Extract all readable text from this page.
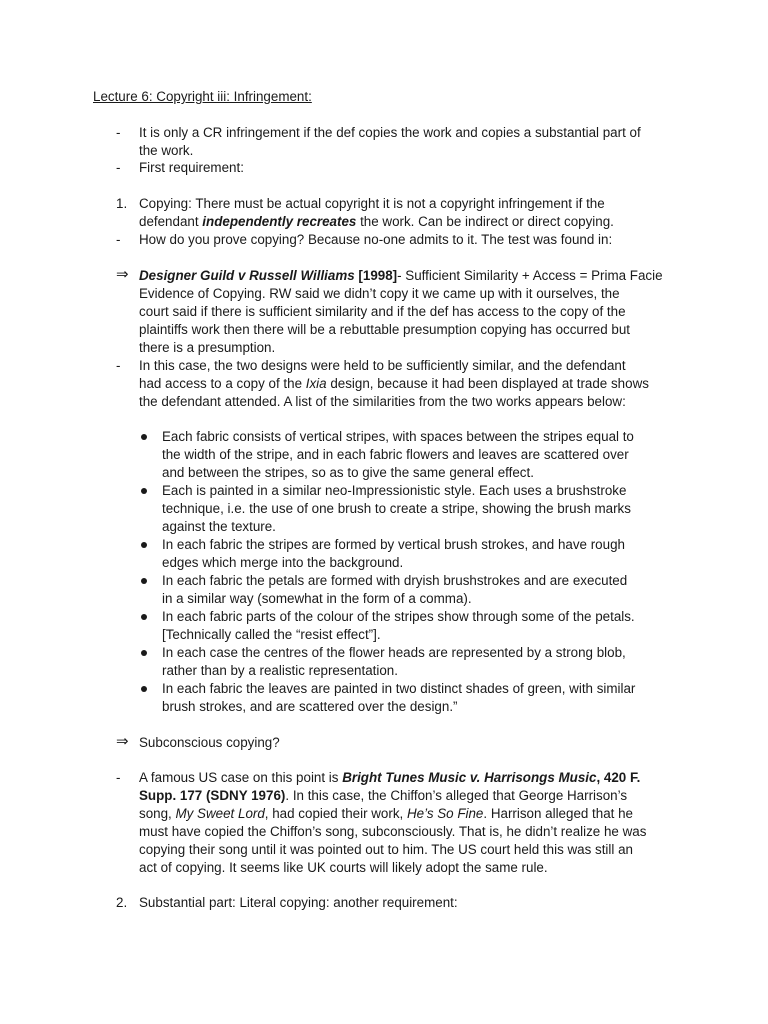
Lecture 6: Copyright iii: Infringement:
- It is only a CR infringement if the def copies the work and copies a substantial part of
the work.
- First requirement:
1. Copying: There must be actual copyright it is not a copyright infringement if the
defendant independently recreates the work. Can be indirect or direct copying.
- How do you prove copying? Because no-one admits to it. The test was found in:
⇒ Designer Guild v Russell Williams [1998]- Sufficient Similarity + Access = Prima Facie
Evidence of Copying. RW said we didn’t copy it we came up with it ourselves, the
court said if there is sufficient similarity and if the def has access to the copy of the
plaintiffs work then there will be a rebuttable presumption copying has occurred but
there is a presumption.
- In this case, the two designs were held to be sufficiently similar, and the defendant
had access to a copy of the Ixia design, because it had been displayed at trade shows
the defendant attended. A list of the similarities from the two works appears below:
Each fabric consists of vertical stripes, with spaces between the stripes equal to
the width of the stripe, and in each fabric flowers and leaves are scattered over
and between the stripes, so as to give the same general effect.
Each is painted in a similar neo-Impressionistic style. Each uses a brushstroke
technique, i.e. the use of one brush to create a stripe, showing the brush marks
against the texture.
In each fabric the stripes are formed by vertical brush strokes, and have rough
edges which merge into the background.
In each fabric the petals are formed with dryish brushstrokes and are executed
in a similar way (somewhat in the form of a comma).
In each fabric parts of the colour of the stripes show through some of the petals.
[Technically called the “resist effect”].
In each case the centres of the flower heads are represented by a strong blob,
rather than by a realistic representation.
In each fabric the leaves are painted in two distinct shades of green, with similar
brush strokes, and are scattered over the design.”
⇒ Subconscious copying?
- A famous US case on this point is Bright Tunes Music v. Harrisongs Music, 420 F.
Supp. 177 (SDNY 1976). In this case, the Chiffon’s alleged that George Harrison’s
song, My Sweet Lord, had copied their work, He’s So Fine. Harrison alleged that he
must have copied the Chiffon’s song, subconsciously. That is, he didn’t realize he was
copying their song until it was pointed out to him. The US court held this was still an
act of copying. It seems like UK courts will likely adopt the same rule.
2. Substantial part: Literal copying: another requirement:
